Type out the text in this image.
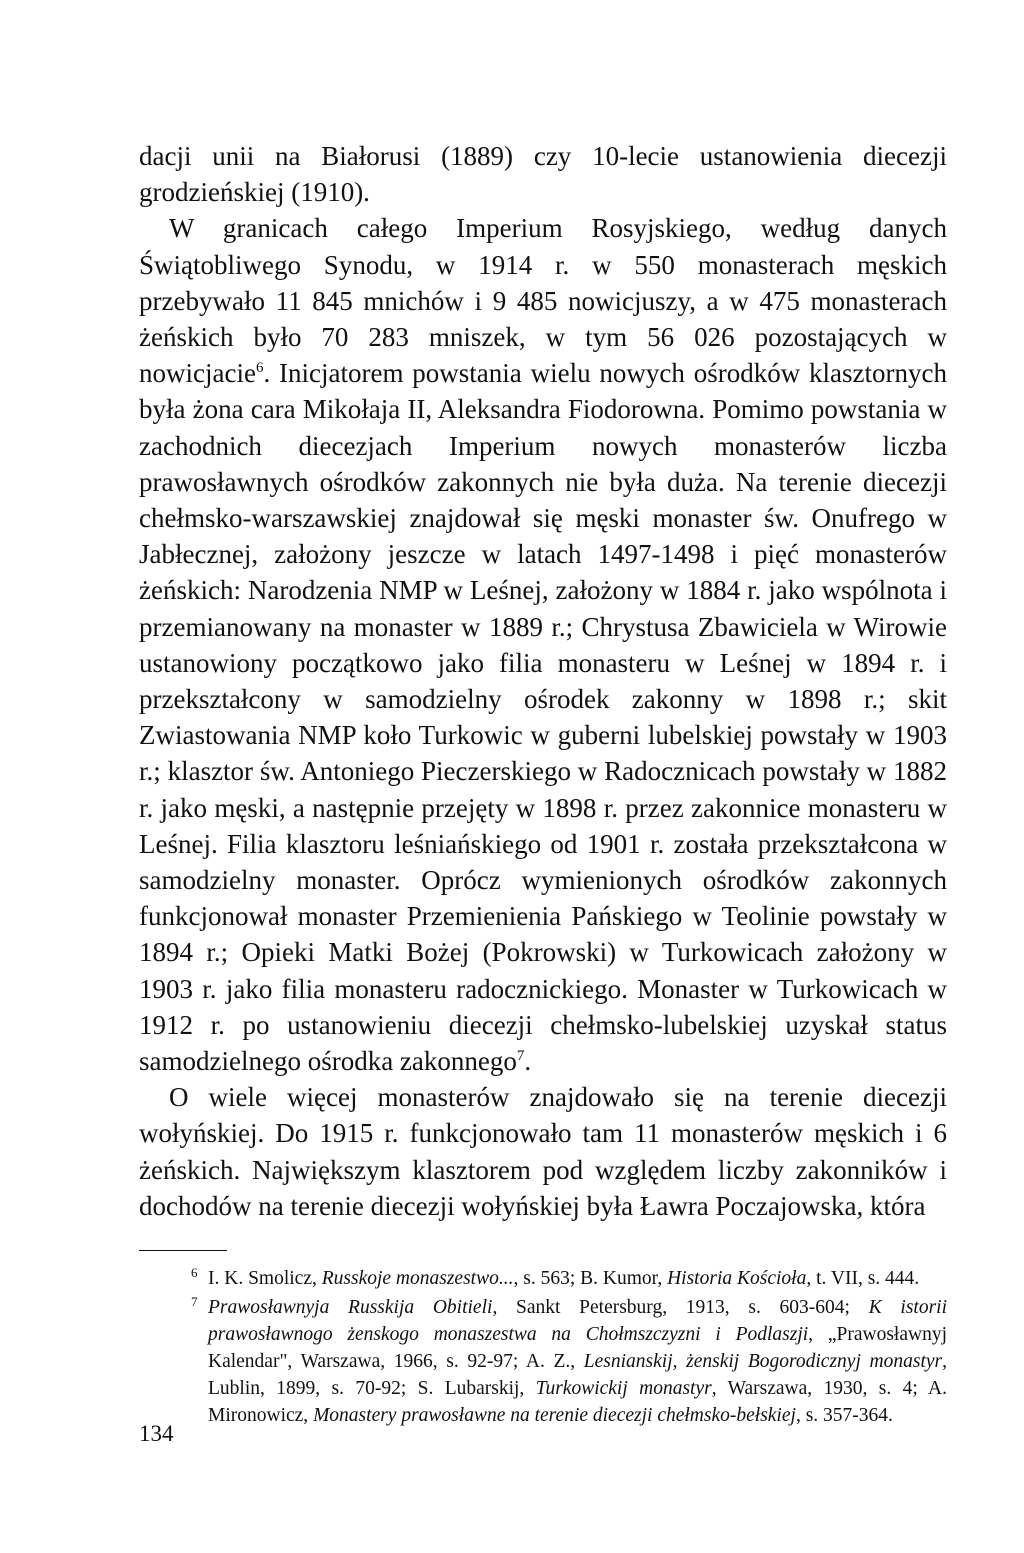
dacji unii na Białorusi (1889) czy 10-lecie ustanowienia diecezji grodzieńskiej (1910).

W granicach całego Imperium Rosyjskiego, według danych Świątobliwego Synodu, w 1914 r. w 550 monasterach męskich przebywało 11 845 mnichów i 9 485 nowicjuszy, a w 475 monasterach żeńskich było 70 283 mniszek, w tym 56 026 pozostających w nowicjacie$^6$. Inicjatorem powstania wielu nowych ośrodków klasztornych była żona cara Mikołaja II, Aleksandra Fiodorowna. Pomimo powstania w zachodnich diecezjach Imperium nowych monasterów liczba prawosławnych ośrodków zakonnych nie była duża. Na terenie diecezji chełmsko-warszawskiej znajdował się męski monaster św. Onufrego w Jabłecznej, założony jeszcze w latach 1497-1498 i pięć monasterów żeńskich: Narodzenia NMP w Leśnej, założony w 1884 r. jako wspólnota i przemianowany na monaster w 1889 r.; Chrystusa Zbawiciela w Wirowie ustanowiony początkowo jako filia monasteru w Leśnej w 1894 r. i przekształcony w samodzielny ośrodek zakonny w 1898 r.; skit Zwiastowania NMP koło Turkowic w guberni lubelskiej powstały w 1903 r.; klasztor św. Antoniego Pieczerskiego w Radocznicach powstały w 1882 r. jako męski, a następnie przejęty w 1898 r. przez zakonnice monasteru w Leśnej. Filia klasztoru leśniańskiego od 1901 r. została przekształcona w samodzielny monaster. Oprócz wymienionych ośrodków zakonnych funkcjonował monaster Przemienienia Pańskiego w Teolinie powstały w 1894 r.; Opieki Matki Bożej (Pokrowski) w Turkowicach założony w 1903 r. jako filia monasteru radocznickiego. Monaster w Turkowicach w 1912 r. po ustanowieniu diecezji chełmsko-lubelskiej uzyskał status samodzielnego ośrodka zakonnego$^7$.

O wiele więcej monasterów znajdowało się na terenie diecezji wołyńskiej. Do 1915 r. funkcjonowało tam 11 monasterów męskich i 6 żeńskich. Największym klasztorem pod względem liczby zakonników i dochodów na terenie diecezji wołyńskiej była Ławra Poczajowska, która

6 I. K. Smolicz, Russkoje monaszestwo..., s. 563; B. Kumor, Historia Kościoła, t. VII, s. 444.
7 Prawosławnyja Russkija Obitieli, Sankt Petersburg, 1913, s. 603-604; K istorii prawosławnogo żenskogo monaszestwa na Chołmszczyzni i Podlaszji, „Prawosławnyj Kalendar", Warszawa, 1966, s. 92-97; A. Z., Lesnianskij, żenskij Bogorodicznyj monastyr, Lublin, 1899, s. 70-92; S. Lubarskij, Turkowickij monastyr, Warszawa, 1930, s. 4; A. Mironowicz, Monastery prawosławne na terenie diecezji chełmsko-bełskiej, s. 357-364.
134
